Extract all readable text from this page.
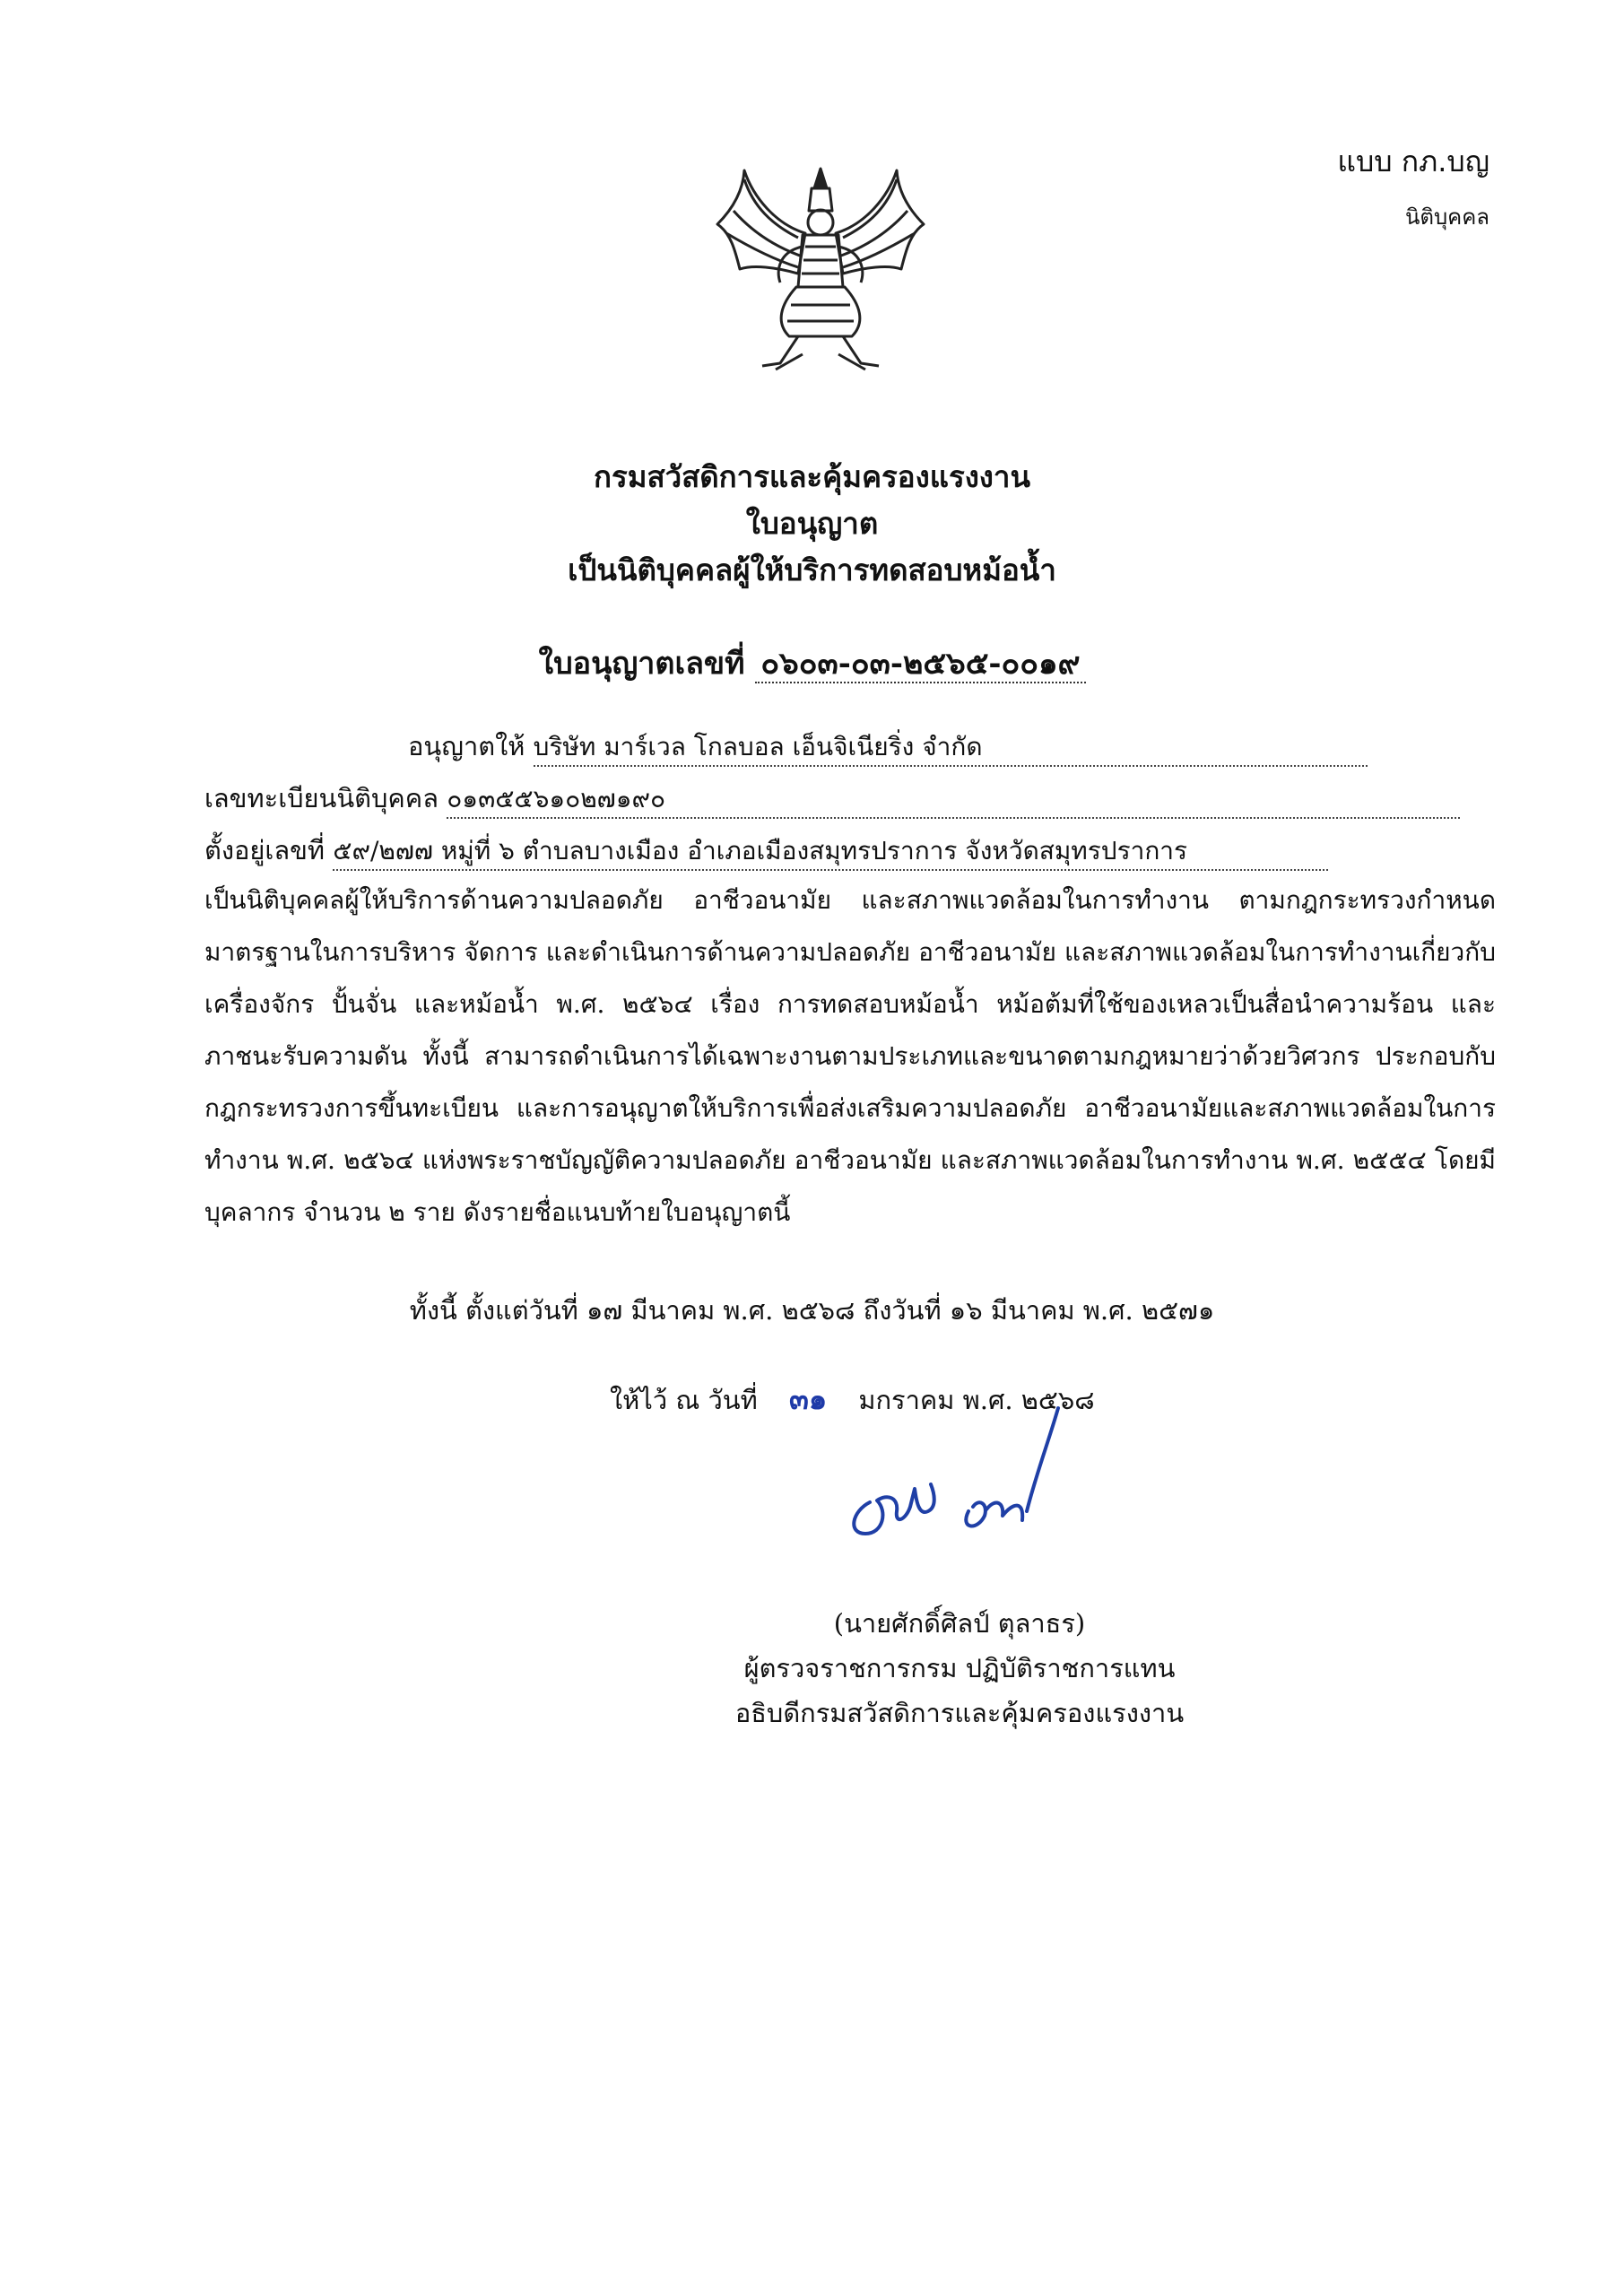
แบบ กภ.บญ
นิติบุคคล
กรมสวัสดิการและคุ้มครองแรงงาน
ใบอนุญาต
เป็นนิติบุคคลผู้ให้บริการทดสอบหม้อน้ำ
ใบอนุญาตเลขที่ ๐๖๐๓-๐๓-๒๕๖๕-๐๐๑๙
อนุญาตให้ บริษัท มาร์เวล โกลบอล เอ็นจิเนียริ่ง จำกัด
เลขทะเบียนนิติบุคคล ๐๑๓๕๕๖๑๐๒๗๑๙๐
ตั้งอยู่เลขที่ ๕๙/๒๗๗ หมู่ที่ ๖ ตำบลบางเมือง อำเภอเมืองสมุทรปราการ จังหวัดสมุทรปราการ
เป็นนิติบุคคลผู้ให้บริการด้านความปลอดภัย อาชีวอนามัย และสภาพแวดล้อมในการทำงาน ตามกฎกระทรวงกำหนดมาตรฐานในการบริหาร จัดการ และดำเนินการด้านความปลอดภัย อาชีวอนามัย และสภาพแวดล้อมในการทำงานเกี่ยวกับเครื่องจักร ปั้นจั่น และหม้อน้ำ พ.ศ. ๒๕๖๔ เรื่อง การทดสอบหม้อน้ำ หม้อต้มที่ใช้ของเหลวเป็นสื่อนำความร้อน และภาชนะรับความดัน ทั้งนี้ สามารถดำเนินการได้เฉพาะงานตามประเภทและขนาดตามกฎหมายว่าด้วยวิศวกร ประกอบกับกฎกระทรวงการขึ้นทะเบียน และการอนุญาตให้บริการเพื่อส่งเสริมความปลอดภัย อาชีวอนามัยและสภาพแวดล้อมในการทำงาน พ.ศ. ๒๕๖๔ แห่งพระราชบัญญัติความปลอดภัย อาชีวอนามัย และสภาพแวดล้อมในการทำงาน พ.ศ. ๒๕๕๔ โดยมีบุคลากร จำนวน ๒ ราย ดังรายชื่อแนบท้ายใบอนุญาตนี้
ทั้งนี้ ตั้งแต่วันที่ ๑๗ มีนาคม พ.ศ. ๒๕๖๘ ถึงวันที่ ๑๖ มีนาคม พ.ศ. ๒๕๗๑
ให้ไว้ ณ วันที่ ๓๑ มกราคม พ.ศ. ๒๕๖๘
(นายศักดิ์ศิลป์ ตุลาธร)
ผู้ตรวจราชการกรม ปฏิบัติราชการแทน
อธิบดีกรมสวัสดิการและคุ้มครองแรงงาน
